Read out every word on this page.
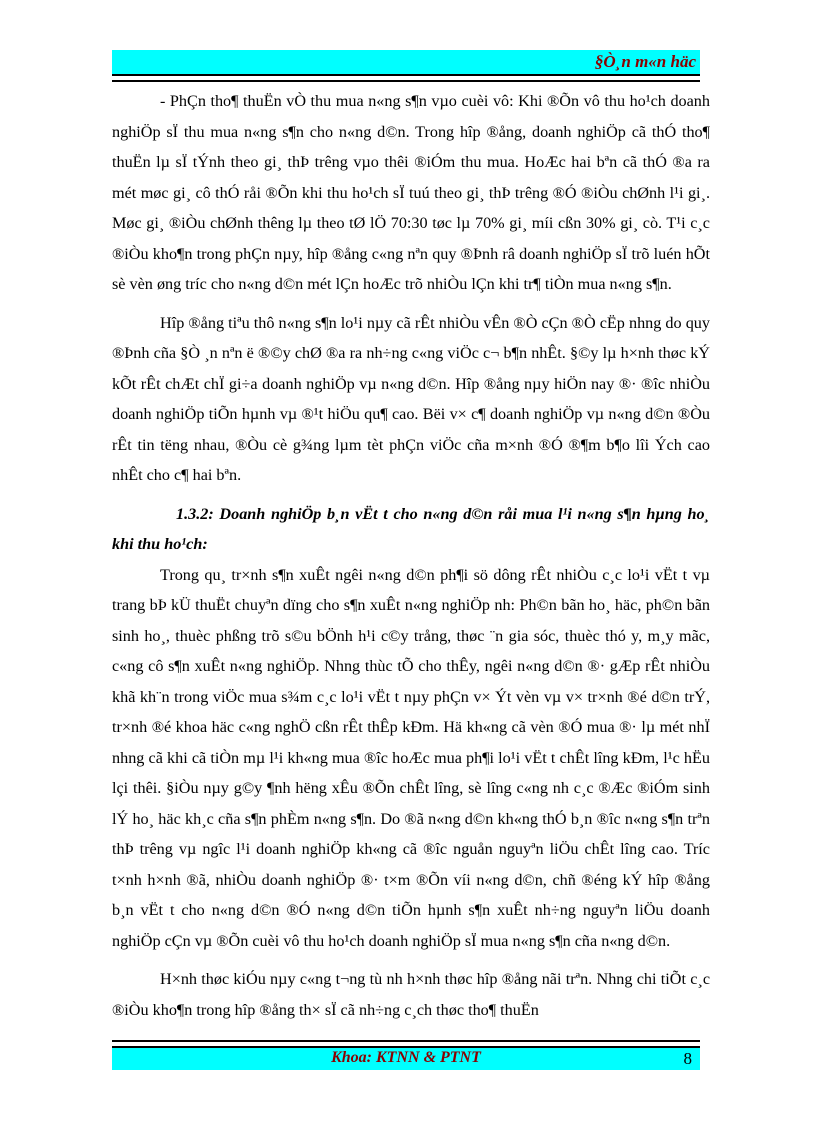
§Ò¸n m«n häc

- PhÇn tho¶ thuËn vÒ thu mua n«ng s¶n vµo cuèi vô: Khi ®Õn vô thu ho¹ch doanh nghiÖp sÏ thu mua n«ng s¶n cho n«ng d©n. Trong hîp ®ång, doanh nghiÖp cã thÓ tho¶ thuËn lµ sÏ tÝnh theo gi¸ thÞ trêng vµo thêi ®iÓm thu mua. HoÆc hai bªn cã thÓ ®a ra mét møc gi¸ cô thÓ råi ®Õn khi thu ho¹ch sÏ tuú theo gi¸ thÞ trêng ®Ó ®iÒu chØnh l¹i gi¸. Møc gi¸ ®iÒu chØnh thêng lµ theo tØ lÖ 70:30 tøc lµ 70% gi¸ míi cßn 30% gi¸ cò. T¹i c¸c ®iÒu kho¶n trong phÇn nµy, hîp ®ång c«ng nªn quy ®Þnh râ doanh nghiÖp sÏ trõ luén hÕt sè vèn øng tríc cho n«ng d©n mét lÇn hoÆc trõ nhiÒu lÇn khi tr¶ tiÒn mua n«ng s¶n.

Hîp ®ång tiªu thô n«ng s¶n lo¹i nµy cã rÊt nhiÒu vÊn ®Ò cÇn ®Ò cËp nhng do quy ®Þnh cña §Ò ¸n nªn ë ®©y chØ ®a ra nh÷ng c«ng viÖc c¬ b¶n nhÊt. §©y lµ h×nh thøc kÝ kÕt rÊt chÆt chÏ gi÷a doanh nghiÖp vµ n«ng d©n. Hîp ®ång nµy hiÖn nay ®· ®îc nhiÒu doanh nghiÖp tiÕn hµnh vµ ®¹t hiÖu qu¶ cao. Bëi v× c¶ doanh nghiÖp vµ n«ng d©n ®Òu rÊt tin tëng nhau, ®Òu cè g¾ng lµm tèt phÇn viÖc cña m×nh ®Ó ®¶m b¶o lîi Ých cao nhÊt cho c¶ hai bªn.

1.3.2: Doanh nghiÖp b¸n vËt t cho n«ng d©n råi mua l¹i n«ng s¶n hµng ho¸ khi thu ho¹ch:

Trong qu¸ tr×nh s¶n xuÊt ngêi n«ng d©n ph¶i sö dông rÊt nhiÒu c¸c lo¹i vËt t vµ trang bÞ kÜ thuËt chuyªn dïng cho s¶n xuÊt n«ng nghiÖp nh: Ph©n bãn ho¸ häc, ph©n bãn sinh ho¸, thuèc phßng trõ s©u bÖnh h¹i c©y trång, thøc ¨n gia sóc, thuèc thó y, m¸y mãc, c«ng cô s¶n xuÊt n«ng nghiÖp. Nhng thùc tÕ cho thÊy, ngêi n«ng d©n ®· gÆp rÊt nhiÒu khã kh¨n trong viÖc mua s¾m c¸c lo¹i vËt t nµy phÇn v× Ýt vèn vµ v× tr×nh ®é d©n trÝ, tr×nh ®é khoa häc c«ng nghÖ cßn rÊt thÊp kÐm. Hä kh«ng cã vèn ®Ó mua ®· lµ mét nhÏ nhng cã khi cã tiÒn mµ l¹i kh«ng mua ®îc hoÆc mua ph¶i lo¹i vËt t chÊt lîng kÐm, l¹c hËu lçi thêi. §iÒu nµy g©y ¶nh hëng xÊu ®Õn chÊt lîng, sè lîng c«ng nh c¸c ®Æc ®iÓm sinh lÝ ho¸ häc kh¸c cña s¶n phÈm n«ng s¶n. Do ®ã n«ng d©n kh«ng thÓ b¸n ®îc n«ng s¶n trªn thÞ trêng vµ ngîc l¹i doanh nghiÖp kh«ng cã ®îc nguån nguyªn liÖu chÊt lîng cao. Tríc t×nh h×nh ®ã, nhiÒu doanh nghiÖp ®· t×m ®Õn víi n«ng d©n, chñ ®éng kÝ hîp ®ång b¸n vËt t cho n«ng d©n ®Ó n«ng d©n tiÕn hµnh s¶n xuÊt nh÷ng nguyªn liÖu doanh nghiÖp cÇn vµ ®Õn cuèi vô thu ho¹ch doanh nghiÖp sÏ mua n«ng s¶n cña n«ng d©n.

H×nh thøc kiÓu nµy c«ng t¬ng tù nh h×nh thøc hîp ®ång nãi trªn. Nhng chi tiÕt c¸c ®iÒu kho¶n trong hîp ®ång th× sÏ cã nh÷ng c¸ch thøc tho¶ thuËn

Khoa: KTNN & PTNT	8
